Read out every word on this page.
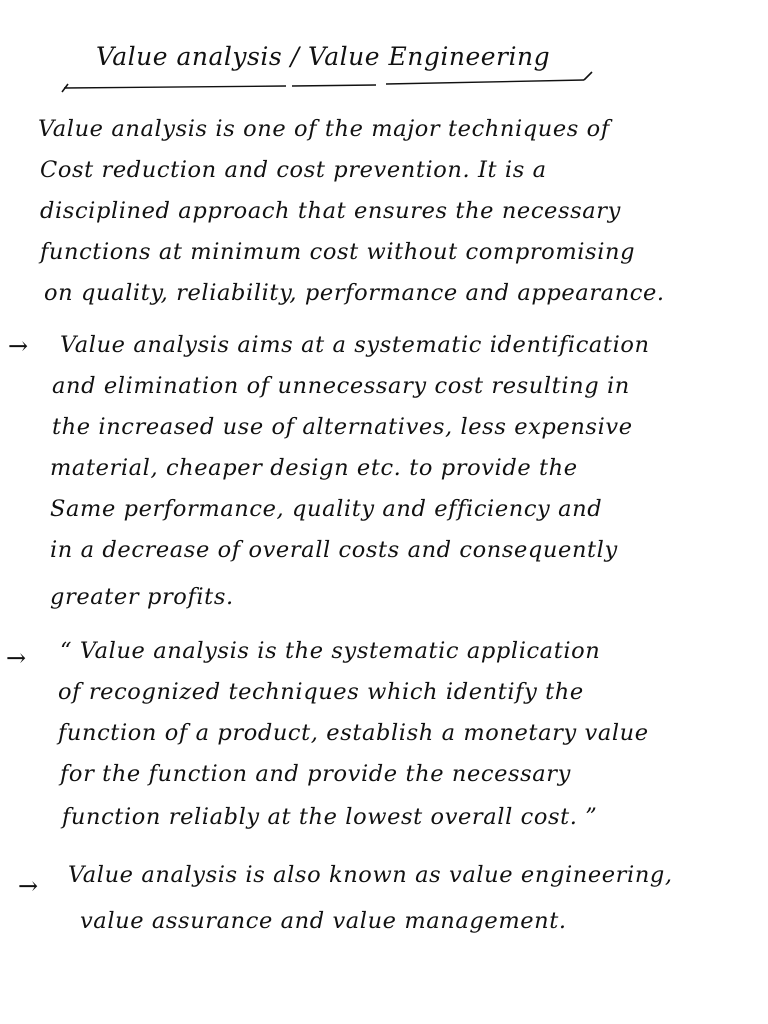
Value analysis / Value Engineering
Value analysis is one of the major techniques of
Cost reduction and cost prevention. It is a
disciplined approach that ensures the necessary
functions at minimum cost without compromising
on quality, reliability, performance and appearance.
→ Value analysis aims at a systematic identification
and elimination of unnecessary cost resulting in
the increased use of alternatives, less expensive
material, cheaper design etc. to provide the
Same performance, quality and efficiency and
in a decrease of overall costs and consequently
greater profits.
→ “ Value analysis is the systematic application
of recognized techniques which identify the
function of a product, establish a monetary value
for the function and provide the necessary
function reliably at the lowest overall cost. ”
→ Value analysis is also known as value engineering,
value assurance and value management.
